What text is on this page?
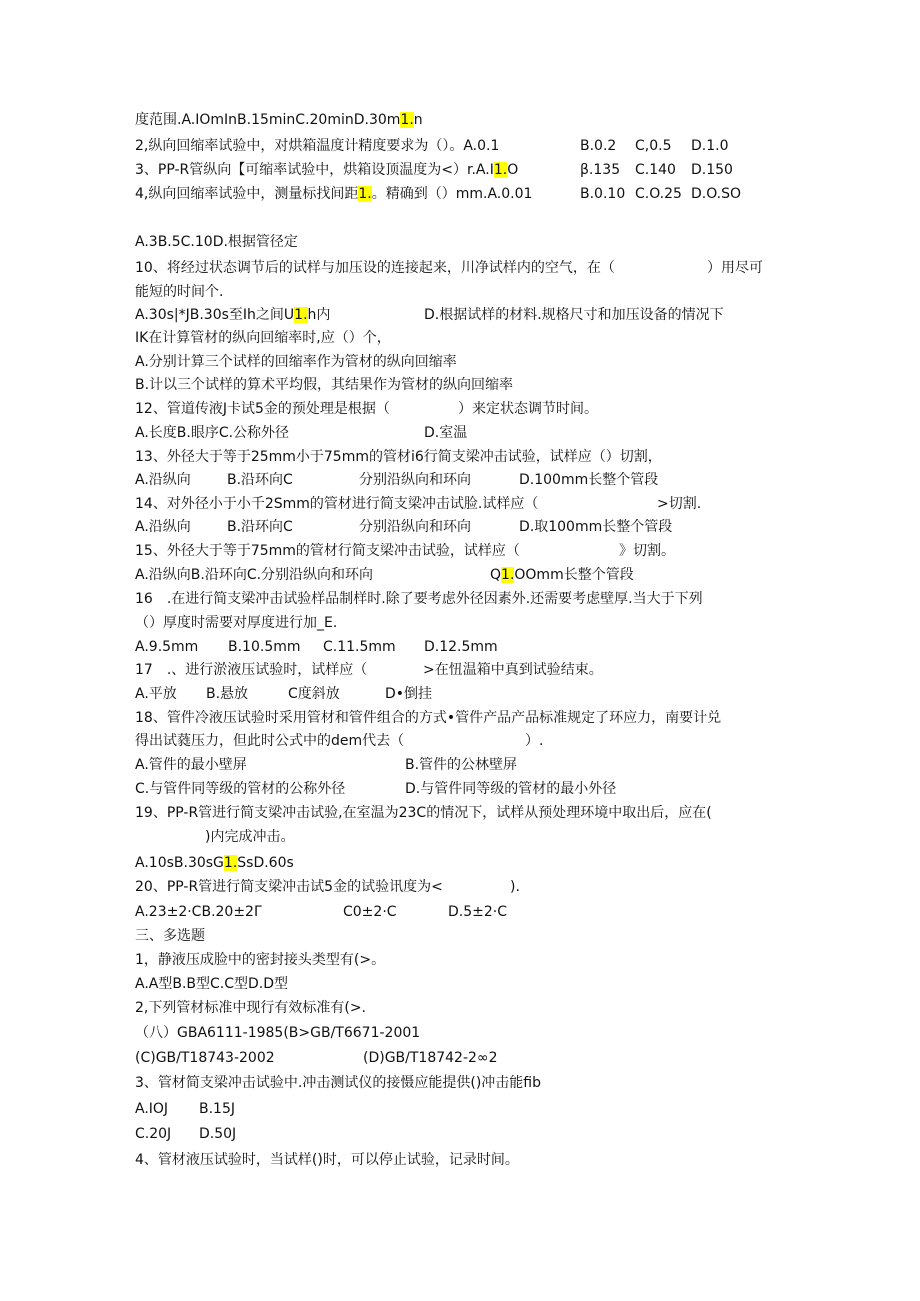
度范围.A.IOmInB.15minC.20minD.30m1.n
2,纵向回缩率试验中，对烘箱温度计精度要求为（）。A.0.1	B.0.2 C,0.5 D.1.0
3、PP-R管纵向【可缩率试验中，烘箱设顶温度为<）r.A.I1.O	β.135 C.140 D.150
4,纵向回缩率试验中，测量标找间距1.。精确到（）mm.A.0.01	B.0.10 C.O.25 D.O.SO
A.3B.5C.10D.根据管径定
10、将经过状态调节后的试样与加压设的连接起来，川净试样内的空气，在（	）用尽可
能短的时间个.
A.30s|*JB.30s至Ih之间U1.h内	D.根据试样的材料.规格尺寸和加压设备的情况下
IK在计算管材的纵向回缩率时,应（）个，
A.分别计算三个试样的回缩率作为管材的纵向回缩率
B.计以三个试样的算术平均假，其结果作为管材的纵向回缩率
12、管道传液J卡试5金的预处理是根据（	）来定状态调节时间。
A.长度B.眼序C.公称外径	D.室温
13、外径大于等于25mm小于75mm的管材i6行简支梁冲击试验，试样应（）切割，
A.沿纵向	B.沿环向C	分别沿纵向和环向	D.100mm长整个管段
14、对外径小于小千2Smm的管材进行简支梁冲击试脸.试样应（	>切割.
A.沿纵向	B.沿环向C	分别沿纵向和环向	D.取100mm长整个管段
15、外径大于等于75mm的管材行简支梁冲击试验，试样应（	》切割。
A.沿纵向B.沿环向C.分别沿纵向和环向	Q1.OOmm长整个管段
16　.在进行简支梁冲击试验样品制样时.除了要考虑外径因素外.还需要考虑壁厚.当大于下列
（）厚度时需要对厚度进行加_E.
A.9.5mm B.10.5mm C.11.5mm D.12.5mm
17　.、进行淤液压试验时，试样应（	>在忸温箱中真到试验结束。
A.平放 B.悬放	C度斜放	D•倒挂
18、管件冷液压试验时采用管材和管件组合的方式•管件产品产品标准规定了环应力，南要计兑
得出试蕤压力，但此时公式中的dem代去（	）.
A.管件的最小壁屏	B.管件的公林壁屏
C.与管件同等级的管材的公称外径	D.与管件同等级的管材的最小外径
19、PP-R管进行简支梁冲击试验,在室温为23C的情况下，试样从预处理环境中取出后，应在(
)内完成冲击。
A.10sB.30sG1.SsD.60s
20、PP-R管进行简支梁冲击试5金的试验讯度为<	).
A.23±2·CB.20±2Γ	C0±2·C	D.5±2·C
三、多选题
1，静液压成脸中的密封接头类型有(>。
A.A型B.B型C.C型D.D型
2,下列管材标准中现行有效标准有(>.
（八）GBA6111-1985(B>GB/T6671-2001
(C)GB/T18743-2002	(D)GB/T18742-2∞2
3、管材简支梁冲击试验中.冲击测试仪的接慑应能提供()冲击能fib
A.IOJ B.15J
C.20J D.50J
4、管材液压试验时，当试样()时，可以停止试验，记录时间。
